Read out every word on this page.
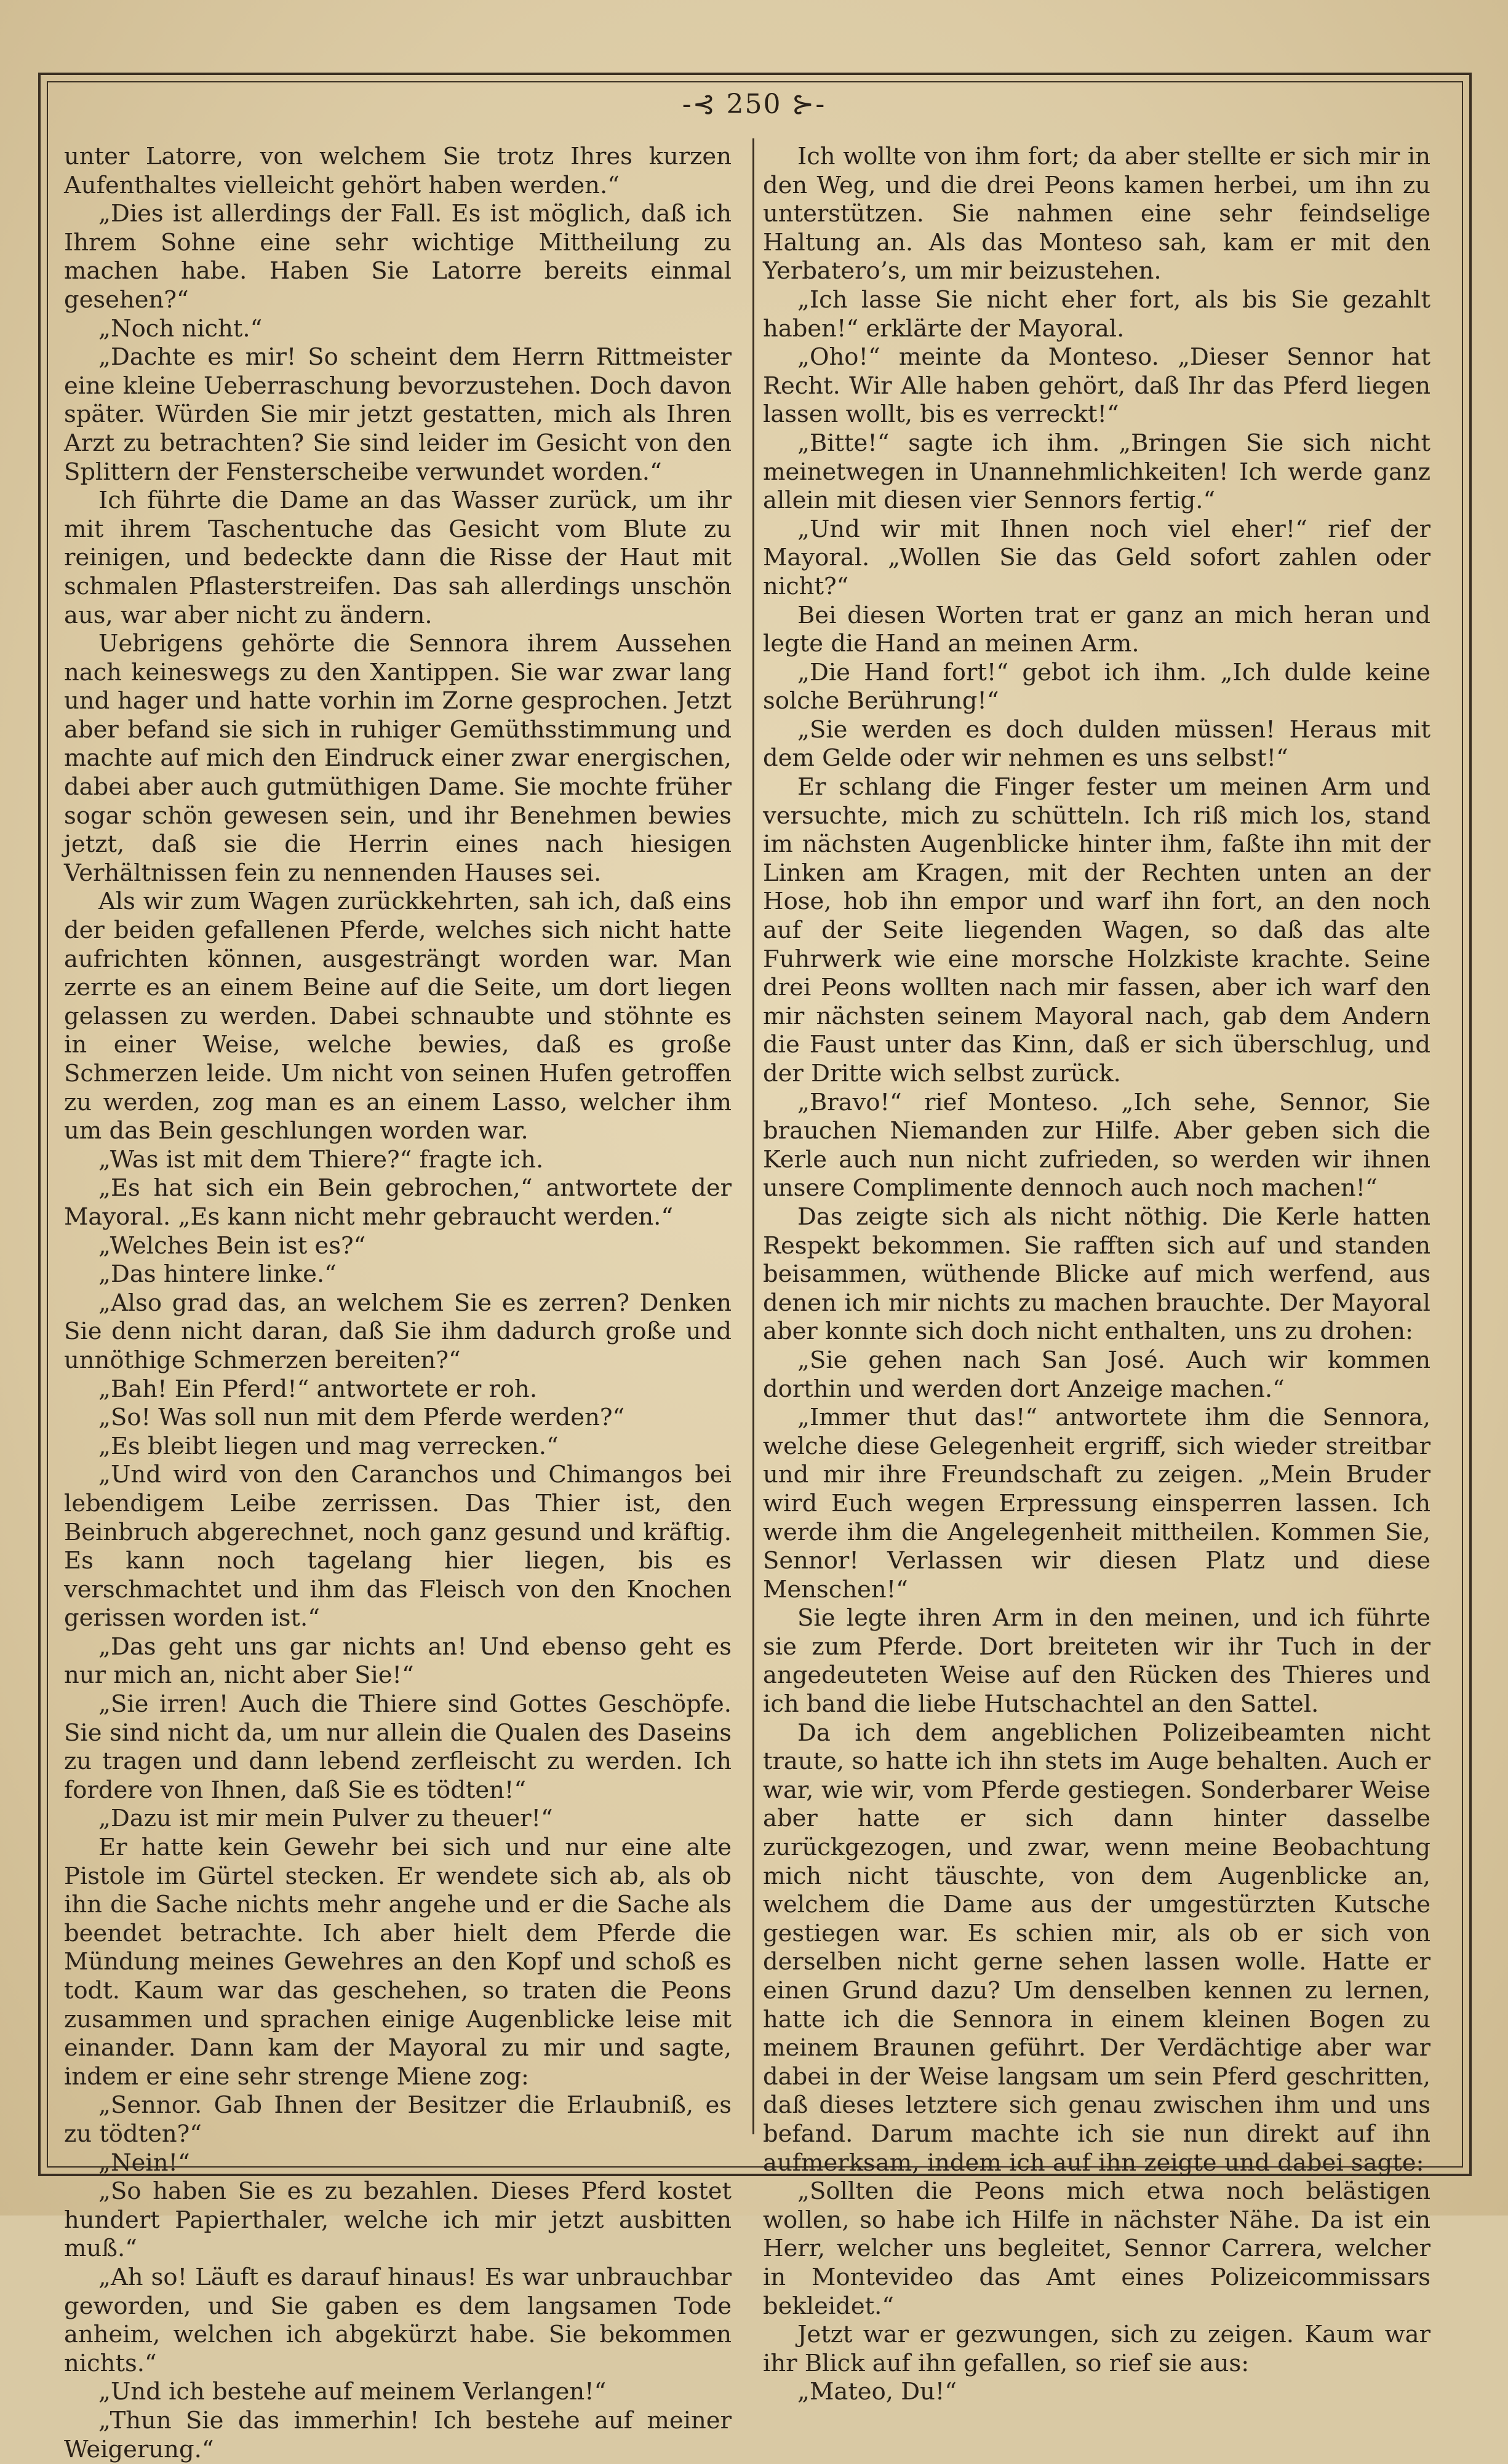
-⊰ 250 ⊱-

unter Latorre, von welchem Sie trotz Ihres kurzen Aufenthaltes vielleicht gehört haben werden.“

„Dies ist allerdings der Fall. Es ist möglich, daß ich Ihrem Sohne eine sehr wichtige Mittheilung zu machen habe. Haben Sie Latorre bereits einmal gesehen?“

„Noch nicht.“

„Dachte es mir! So scheint dem Herrn Rittmeister eine kleine Ueberraschung bevorzustehen. Doch davon später. Würden Sie mir jetzt gestatten, mich als Ihren Arzt zu betrachten? Sie sind leider im Gesicht von den Splittern der Fensterscheibe verwundet worden.“

Ich führte die Dame an das Wasser zurück, um ihr mit ihrem Taschentuche das Gesicht vom Blute zu reinigen, und bedeckte dann die Risse der Haut mit schmalen Pflasterstreifen. Das sah allerdings unschön aus, war aber nicht zu ändern.

Uebrigens gehörte die Sennora ihrem Aussehen nach keineswegs zu den Xantippen. Sie war zwar lang und hager und hatte vorhin im Zorne gesprochen. Jetzt aber befand sie sich in ruhiger Gemüthsstimmung und machte auf mich den Eindruck einer zwar energischen, dabei aber auch gutmüthigen Dame. Sie mochte früher sogar schön gewesen sein, und ihr Benehmen bewies jetzt, daß sie die Herrin eines nach hiesigen Verhältnissen fein zu nennenden Hauses sei.

Als wir zum Wagen zurückkehrten, sah ich, daß eins der beiden gefallenen Pferde, welches sich nicht hatte aufrichten können, ausgesträngt worden war. Man zerrte es an einem Beine auf die Seite, um dort liegen gelassen zu werden. Dabei schnaubte und stöhnte es in einer Weise, welche bewies, daß es große Schmerzen leide. Um nicht von seinen Hufen getroffen zu werden, zog man es an einem Lasso, welcher ihm um das Bein geschlungen worden war.

„Was ist mit dem Thiere?“ fragte ich.

„Es hat sich ein Bein gebrochen,“ antwortete der Mayoral. „Es kann nicht mehr gebraucht werden.“

„Welches Bein ist es?“

„Das hintere linke.“

„Also grad das, an welchem Sie es zerren? Denken Sie denn nicht daran, daß Sie ihm dadurch große und unnöthige Schmerzen bereiten?“

„Bah! Ein Pferd!“ antwortete er roh.

„So! Was soll nun mit dem Pferde werden?“

„Es bleibt liegen und mag verrecken.“

„Und wird von den Caranchos und Chimangos bei lebendigem Leibe zerrissen. Das Thier ist, den Beinbruch abgerechnet, noch ganz gesund und kräftig. Es kann noch tagelang hier liegen, bis es verschmachtet und ihm das Fleisch von den Knochen gerissen worden ist.“

„Das geht uns gar nichts an! Und ebenso geht es nur mich an, nicht aber Sie!“

„Sie irren! Auch die Thiere sind Gottes Geschöpfe. Sie sind nicht da, um nur allein die Qualen des Daseins zu tragen und dann lebend zerfleischt zu werden. Ich fordere von Ihnen, daß Sie es tödten!“

„Dazu ist mir mein Pulver zu theuer!“

Er hatte kein Gewehr bei sich und nur eine alte Pistole im Gürtel stecken. Er wendete sich ab, als ob ihn die Sache nichts mehr angehe und er die Sache als beendet betrachte. Ich aber hielt dem Pferde die Mündung meines Gewehres an den Kopf und schoß es todt. Kaum war das geschehen, so traten die Peons zusammen und sprachen einige Augenblicke leise mit einander. Dann kam der Mayoral zu mir und sagte, indem er eine sehr strenge Miene zog:

„Sennor. Gab Ihnen der Besitzer die Erlaubniß, es zu tödten?“

„Nein!“

„So haben Sie es zu bezahlen. Dieses Pferd kostet hundert Papierthaler, welche ich mir jetzt ausbitten muß.“

„Ah so! Läuft es darauf hinaus! Es war unbrauchbar geworden, und Sie gaben es dem langsamen Tode anheim, welchen ich abgekürzt habe. Sie bekommen nichts.“

„Und ich bestehe auf meinem Verlangen!“

„Thun Sie das immerhin! Ich bestehe auf meiner Weigerung.“

Ich wollte von ihm fort; da aber stellte er sich mir in den Weg, und die drei Peons kamen herbei, um ihn zu unterstützen. Sie nahmen eine sehr feindselige Haltung an. Als das Monteso sah, kam er mit den Yerbatero’s, um mir beizustehen.

„Ich lasse Sie nicht eher fort, als bis Sie gezahlt haben!“ erklärte der Mayoral.

„Oho!“ meinte da Monteso. „Dieser Sennor hat Recht. Wir Alle haben gehört, daß Ihr das Pferd liegen lassen wollt, bis es verreckt!“

„Bitte!“ sagte ich ihm. „Bringen Sie sich nicht meinetwegen in Unannehmlichkeiten! Ich werde ganz allein mit diesen vier Sennors fertig.“

„Und wir mit Ihnen noch viel eher!“ rief der Mayoral. „Wollen Sie das Geld sofort zahlen oder nicht?“

Bei diesen Worten trat er ganz an mich heran und legte die Hand an meinen Arm.

„Die Hand fort!“ gebot ich ihm. „Ich dulde keine solche Berührung!“

„Sie werden es doch dulden müssen! Heraus mit dem Gelde oder wir nehmen es uns selbst!“

Er schlang die Finger fester um meinen Arm und versuchte, mich zu schütteln. Ich riß mich los, stand im nächsten Augenblicke hinter ihm, faßte ihn mit der Linken am Kragen, mit der Rechten unten an der Hose, hob ihn empor und warf ihn fort, an den noch auf der Seite liegenden Wagen, so daß das alte Fuhrwerk wie eine morsche Holzkiste krachte. Seine drei Peons wollten nach mir fassen, aber ich warf den mir nächsten seinem Mayoral nach, gab dem Andern die Faust unter das Kinn, daß er sich überschlug, und der Dritte wich selbst zurück.

„Bravo!“ rief Monteso. „Ich sehe, Sennor, Sie brauchen Niemanden zur Hilfe. Aber geben sich die Kerle auch nun nicht zufrieden, so werden wir ihnen unsere Complimente dennoch auch noch machen!“

Das zeigte sich als nicht nöthig. Die Kerle hatten Respekt bekommen. Sie rafften sich auf und standen beisammen, wüthende Blicke auf mich werfend, aus denen ich mir nichts zu machen brauchte. Der Mayoral aber konnte sich doch nicht enthalten, uns zu drohen:

„Sie gehen nach San José. Auch wir kommen dorthin und werden dort Anzeige machen.“

„Immer thut das!“ antwortete ihm die Sennora, welche diese Gelegenheit ergriff, sich wieder streitbar und mir ihre Freundschaft zu zeigen. „Mein Bruder wird Euch wegen Erpressung einsperren lassen. Ich werde ihm die Angelegenheit mittheilen. Kommen Sie, Sennor! Verlassen wir diesen Platz und diese Menschen!“

Sie legte ihren Arm in den meinen, und ich führte sie zum Pferde. Dort breiteten wir ihr Tuch in der angedeuteten Weise auf den Rücken des Thieres und ich band die liebe Hutschachtel an den Sattel.

Da ich dem angeblichen Polizeibeamten nicht traute, so hatte ich ihn stets im Auge behalten. Auch er war, wie wir, vom Pferde gestiegen. Sonderbarer Weise aber hatte er sich dann hinter dasselbe zurückgezogen, und zwar, wenn meine Beobachtung mich nicht täuschte, von dem Augenblicke an, welchem die Dame aus der umgestürzten Kutsche gestiegen war. Es schien mir, als ob er sich von derselben nicht gerne sehen lassen wolle. Hatte er einen Grund dazu? Um denselben kennen zu lernen, hatte ich die Sennora in einem kleinen Bogen zu meinem Braunen geführt. Der Verdächtige aber war dabei in der Weise langsam um sein Pferd geschritten, daß dieses letztere sich genau zwischen ihm und uns befand. Darum machte ich sie nun direkt auf ihn aufmerksam, indem ich auf ihn zeigte und dabei sagte:

„Sollten die Peons mich etwa noch belästigen wollen, so habe ich Hilfe in nächster Nähe. Da ist ein Herr, welcher uns begleitet, Sennor Carrera, welcher in Montevideo das Amt eines Polizeicommissars bekleidet.“

Jetzt war er gezwungen, sich zu zeigen. Kaum war ihr Blick auf ihn gefallen, so rief sie aus:

„Mateo, Du!“
